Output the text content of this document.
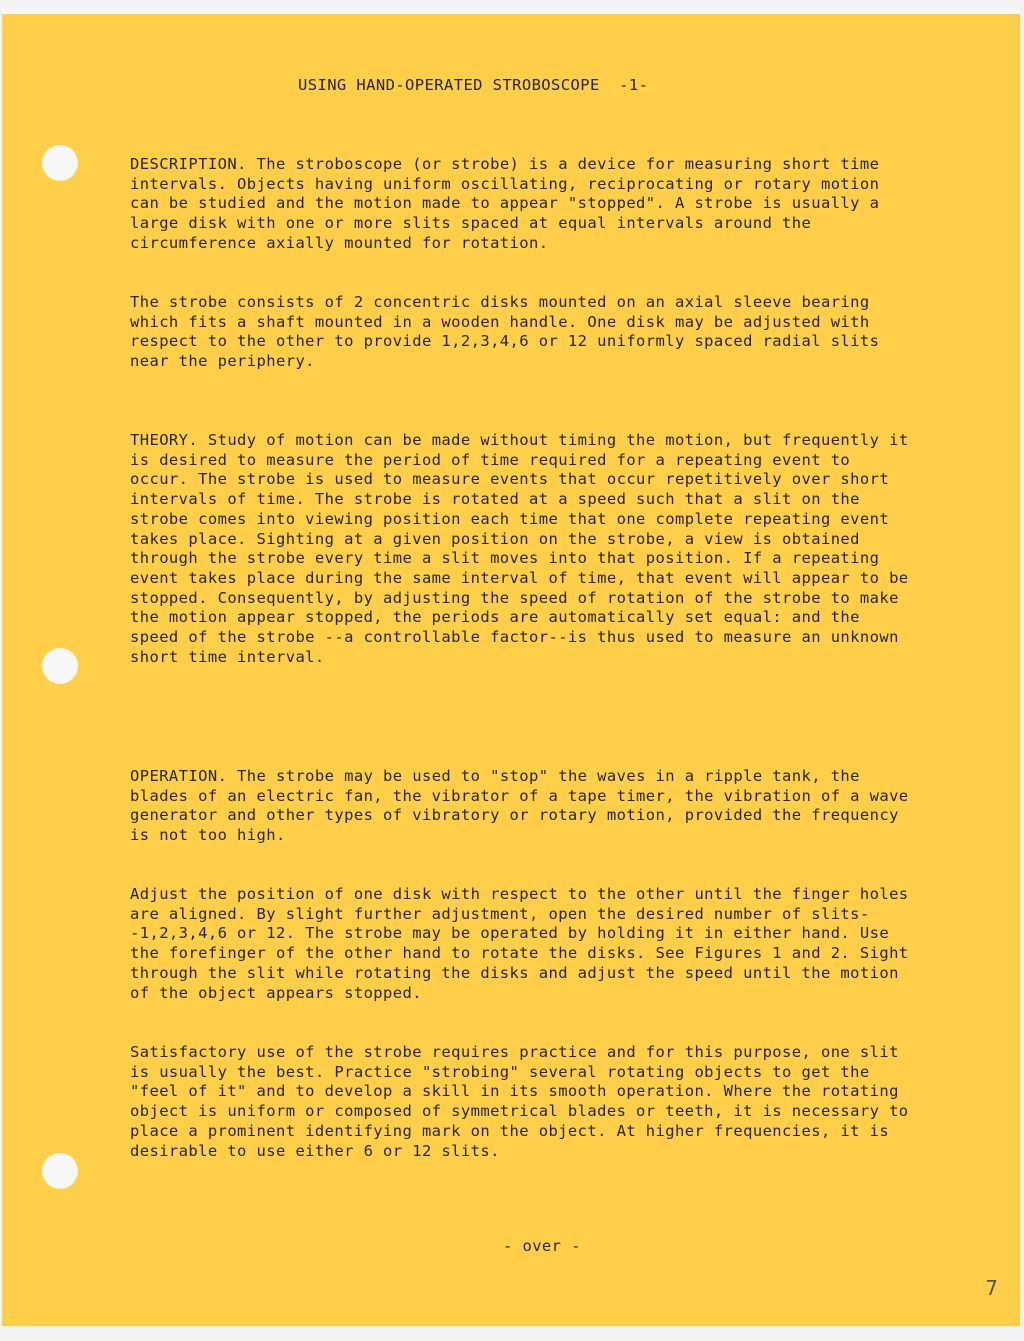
USING HAND-OPERATED STROBOSCOPE  -1-

DESCRIPTION. The stroboscope (or strobe) is a device for measuring short time intervals. Objects having uniform oscillating, reciprocating or rotary motion can be studied and the motion made to appear "stopped". A strobe is usually a large disk with one or more slits spaced at equal intervals around the circumference axially mounted for rotation.

The strobe consists of 2 concentric disks mounted on an axial sleeve bearing which fits a shaft mounted in a wooden handle. One disk may be adjusted with respect to the other to provide 1,2,3,4,6 or 12 uniformly spaced radial slits near the periphery.

THEORY. Study of motion can be made without timing the motion, but frequently it is desired to measure the period of time required for a repeating event to occur. The strobe is used to measure events that occur repetitively over short intervals of time. The strobe is rotated at a speed such that a slit on the strobe comes into viewing position each time that one complete repeating event takes place. Sighting at a given position on the strobe, a view is obtained through the strobe every time a slit moves into that position. If a repeating event takes place during the same interval of time, that event will appear to be stopped. Consequently, by adjusting the speed of rotation of the strobe to make the motion appear stopped, the periods are automatically set equal: and the speed of the strobe --a controllable factor--is thus used to measure an unknown short time interval.

OPERATION. The strobe may be used to "stop" the waves in a ripple tank, the blades of an electric fan, the vibrator of a tape timer, the vibration of a wave generator and other types of vibratory or rotary motion, provided the frequency is not too high.

Adjust the position of one disk with respect to the other until the finger holes are aligned. By slight further adjustment, open the desired number of slits--1,2,3,4,6 or 12. The strobe may be operated by holding it in either hand. Use the forefinger of the other hand to rotate the disks. See Figures 1 and 2. Sight through the slit while rotating the disks and adjust the speed until the motion of the object appears stopped.

Satisfactory use of the strobe requires practice and for this purpose, one slit is usually the best. Practice "strobing" several rotating objects to get the "feel of it" and to develop a skill in its smooth operation. Where the rotating object is uniform or composed of symmetrical blades or teeth, it is necessary to place a prominent identifying mark on the object. At higher frequencies, it is desirable to use either 6 or 12 slits.

- over -
7
